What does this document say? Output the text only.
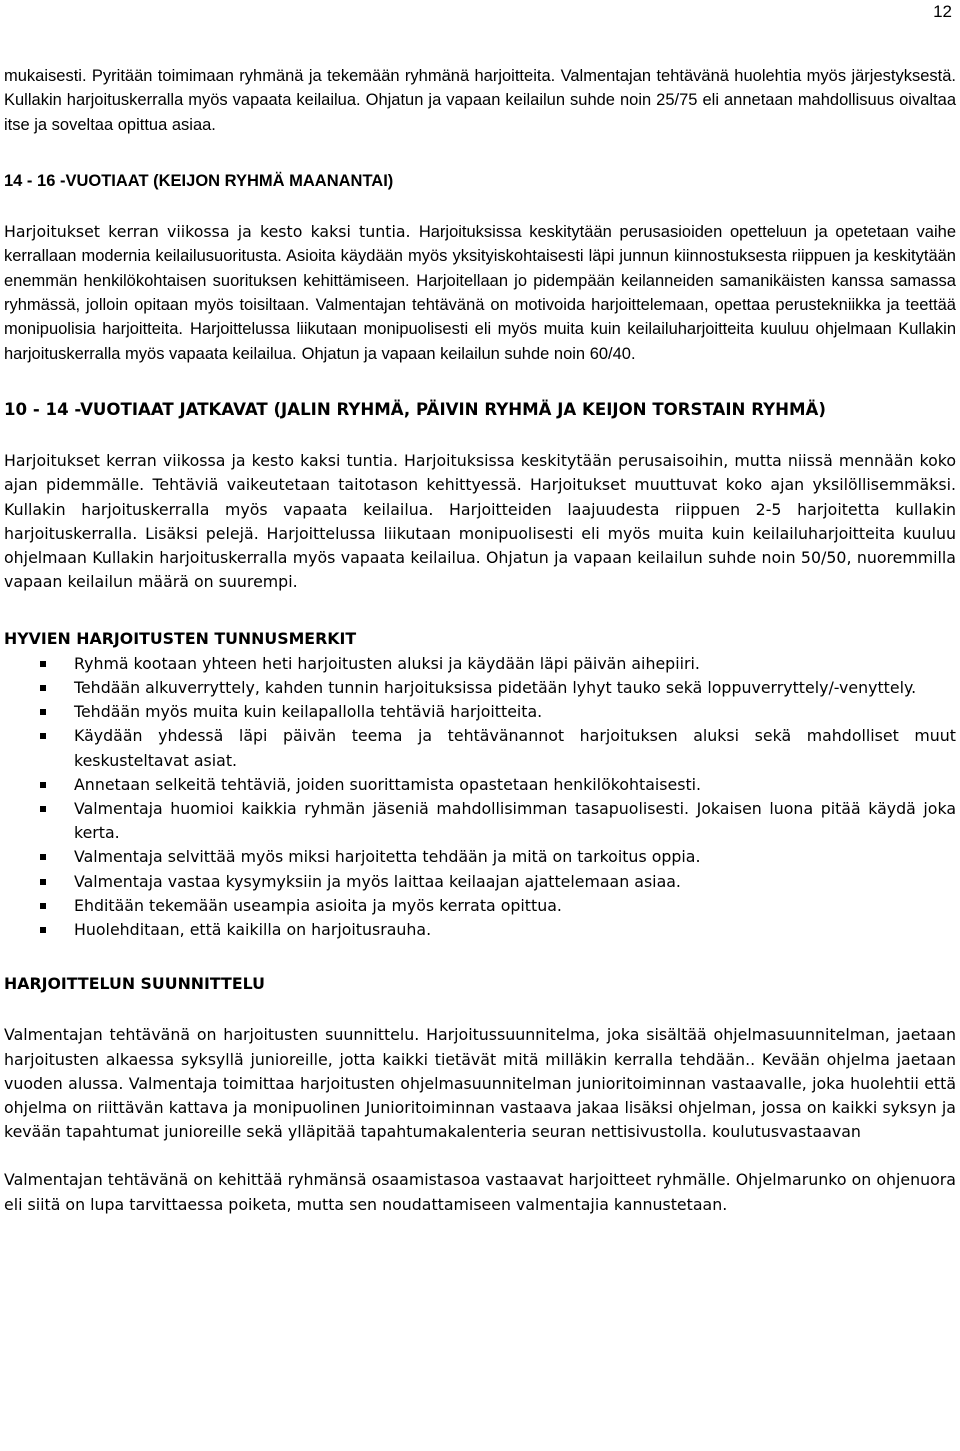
12

mukaisesti. Pyritään toimimaan ryhmänä ja tekemään ryhmänä harjoitteita. Valmentajan tehtävänä huolehtia myös järjestyksestä. Kullakin harjoituskerralla myös vapaata keilailua. Ohjatun ja vapaan keilailun suhde noin 25/75 eli annetaan mahdollisuus oivaltaa itse ja soveltaa opittua asiaa.

14 - 16 -VUOTIAAT (KEIJON RYHMÄ MAANANTAI)

Harjoitukset kerran viikossa ja kesto kaksi tuntia. Harjoituksissa keskitytään perusasioiden opetteluun ja opetetaan vaihe kerrallaan modernia keilailusuoritusta. Asioita käydään myös yksityiskohtaisesti läpi junnun kiinnostuksesta riippuen ja keskitytään enemmän henkilökohtaisen suorituksen kehittämiseen. Harjoitellaan jo pidempään keilanneiden samanikäisten kanssa samassa ryhmässä, jolloin opitaan myös toisiltaan. Valmentajan tehtävänä on motivoida harjoittelemaan, opettaa perustekniikka ja teettää monipuolisia harjoitteita. Harjoittelussa liikutaan monipuolisesti eli myös muita kuin keilailuharjoitteita kuuluu ohjelmaan Kullakin harjoituskerralla myös vapaata keilailua. Ohjatun ja vapaan keilailun suhde noin 60/40.

10 - 14 -VUOTIAAT JATKAVAT (JALIN RYHMÄ, PÄIVIN RYHMÄ JA KEIJON TORSTAIN RYHMÄ)

Harjoitukset kerran viikossa ja kesto kaksi tuntia. Harjoituksissa keskitytään perusaisoihin, mutta niissä mennään koko ajan pidemmälle. Tehtäviä vaikeutetaan taitotason kehittyessä. Harjoitukset muuttuvat koko ajan yksilöllisemmäksi. Kullakin harjoituskerralla myös vapaata keilailua. Harjoitteiden laajuudesta riippuen 2-5 harjoitetta kullakin harjoituskerralla. Lisäksi pelejä. Harjoittelussa liikutaan monipuolisesti eli myös muita kuin keilailuharjoitteita kuuluu ohjelmaan Kullakin harjoituskerralla myös vapaata keilailua. Ohjatun ja vapaan keilailun suhde noin 50/50, nuoremmilla vapaan keilailun määrä on suurempi.

HYVIEN HARJOITUSTEN TUNNUSMERKIT
Ryhmä kootaan yhteen heti harjoitusten aluksi ja käydään läpi päivän aihepiiri.
Tehdään alkuverryttely, kahden tunnin harjoituksissa pidetään lyhyt tauko sekä loppuverryttely/-venyttely.
Tehdään myös muita kuin keilapallolla tehtäviä harjoitteita.
Käydään yhdessä läpi päivän teema ja tehtävänannot harjoituksen aluksi sekä mahdolliset muut keskusteltavat asiat.
Annetaan selkeitä tehtäviä, joiden suorittamista opastetaan henkilökohtaisesti.
Valmentaja huomioi kaikkia ryhmän jäseniä mahdollisimman tasapuolisesti. Jokaisen luona pitää käydä joka kerta.
Valmentaja selvittää myös miksi harjoitetta tehdään ja mitä on tarkoitus oppia.
Valmentaja vastaa kysymyksiin ja myös laittaa keilaajan ajattelemaan asiaa.
Ehditään tekemään useampia asioita ja myös kerrata opittua.
Huolehditaan, että kaikilla on harjoitusrauha.
HARJOITTELUN SUUNNITTELU

Valmentajan tehtävänä on harjoitusten suunnittelu. Harjoitussuunnitelma, joka sisältää ohjelmasuunnitelman, jaetaan harjoitusten alkaessa syksyllä junioreille, jotta kaikki tietävät mitä milläkin kerralla tehdään.. Kevään ohjelma jaetaan vuoden alussa. Valmentaja toimittaa harjoitusten ohjelmasuunnitelman junioritoiminnan vastaavalle, joka huolehtii että ohjelma on riittävän kattava ja monipuolinen Junioritoiminnan vastaava jakaa lisäksi ohjelman, jossa on kaikki syksyn ja kevään tapahtumat junioreille sekä ylläpitää tapahtumakalenteria seuran nettisivustolla. koulutusvastaavan

Valmentajan tehtävänä on kehittää ryhmänsä osaamistasoa vastaavat harjoitteet ryhmälle. Ohjelmarunko on ohjenuora eli siitä on lupa tarvittaessa poiketa, mutta sen noudattamiseen valmentajia kannustetaan.
